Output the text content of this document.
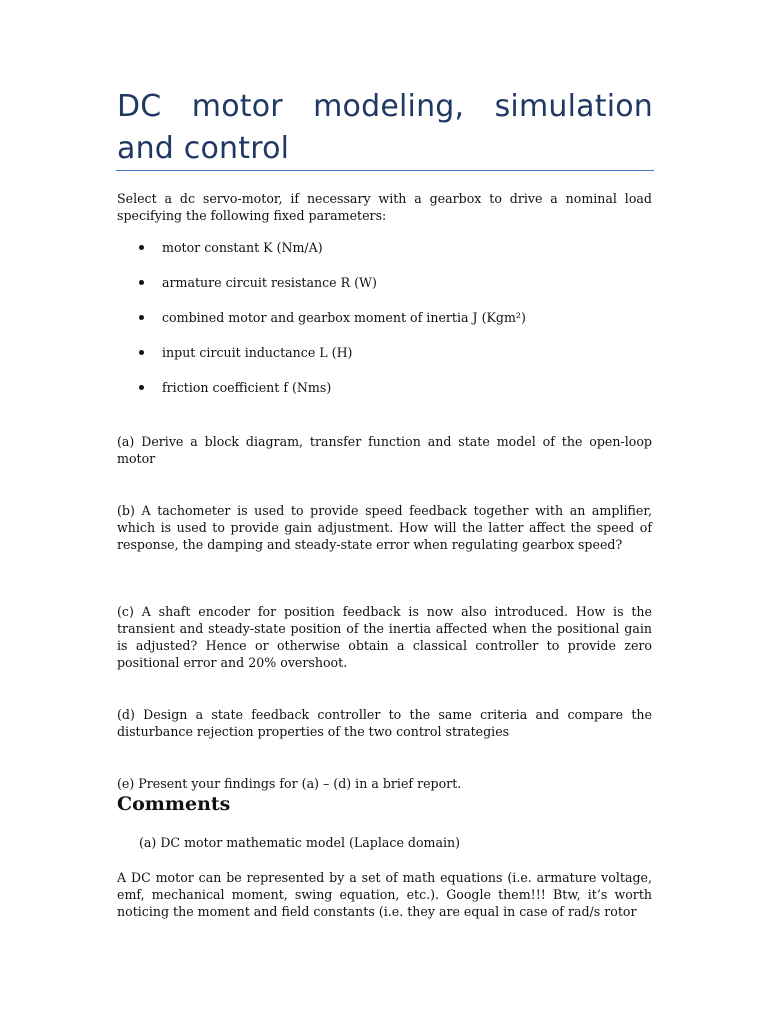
DC motor modeling, simulation and control

Select a dc servo-motor, if necessary with a gearbox to drive a nominal load specifying the following fixed parameters:

motor constant K (Nm/A)
armature circuit resistance R (W)
combined motor and gearbox moment of inertia J (Kgm²)
input circuit inductance L (H)
friction coefficient f (Nms)

(a) Derive a block diagram, transfer function and state model of the open-loop motor

(b) A tachometer is used to provide speed feedback together with an amplifier, which is used to provide gain adjustment. How will the latter affect the speed of response, the damping and steady-state error when regulating gearbox speed?

(c) A shaft encoder for position feedback is now also introduced. How is the transient and steady-state position of the inertia affected when the positional gain is adjusted? Hence or otherwise obtain a classical controller to provide zero positional error and 20% overshoot.

(d) Design a state feedback controller to the same criteria and compare the disturbance rejection properties of the two control strategies

(e) Present your findings for (a) – (d) in a brief report.

Comments

(a) DC motor mathematic model (Laplace domain)

A DC motor can be represented by a set of math equations (i.e. armature voltage, emf, mechanical moment, swing equation, etc.). Google them!!! Btw, it’s worth noticing the moment and field constants (i.e. they are equal in case of rad/s rotor
